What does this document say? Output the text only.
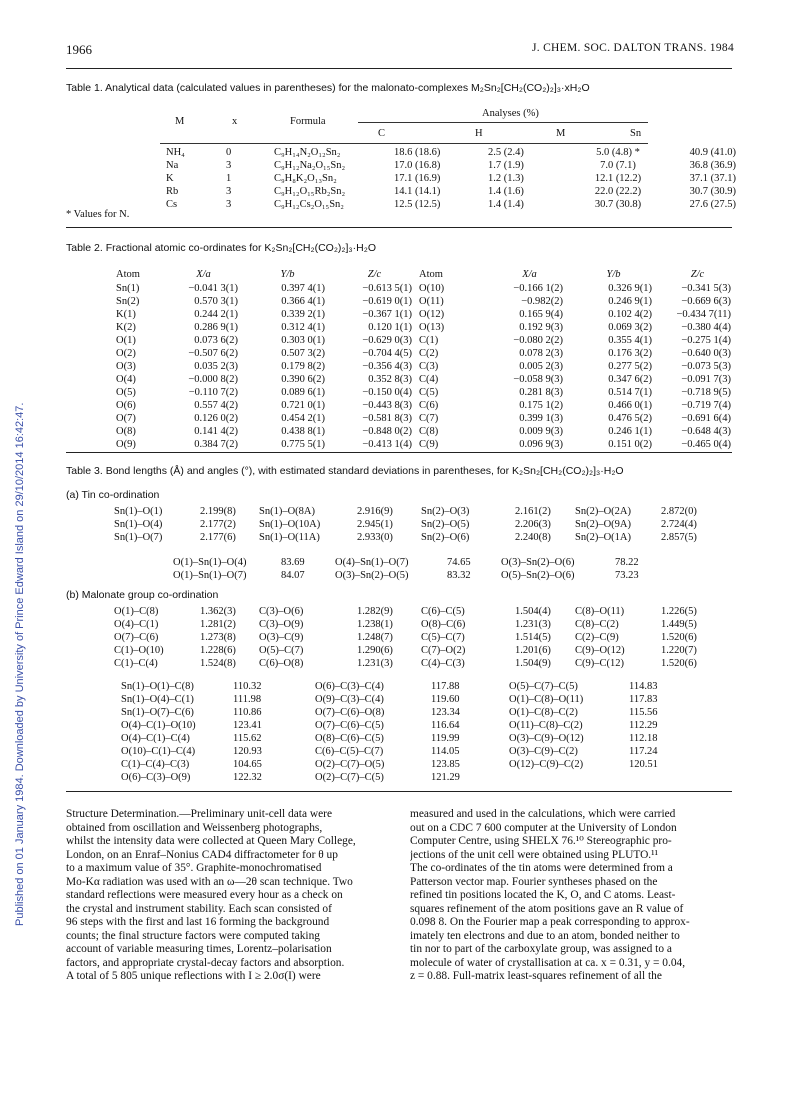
Published on 01 January 1984. Downloaded by University of Prince Edward Island on 29/10/2014 16:42:47.
1966	J. CHEM. SOC. DALTON TRANS. 1984
Table 1. Analytical data (calculated values in parentheses) for the malonato-complexes M₂Sn₂[CH₂(CO₂)₂]₃·xH₂O
M	x	Formula
Analyses (%)
C	H	M	Sn
NH₄	0	C₉H₁₄N₂O₁₂Sn₂	18.6 (18.6)	2.5 (2.4)	5.0 (4.8) *	40.9 (41.0)
Na	3	C₉H₁₂Na₂O₁₅Sn₂	17.0 (16.8)	1.7 (1.9)	7.0 (7.1)	36.8 (36.9)
K	1	C₉H₈K₂O₁₃Sn₂	17.1 (16.9)	1.2 (1.3)	12.1 (12.2)	37.1 (37.1)
Rb	3	C₉H₁₂O₁₅Rb₂Sn₂	14.1 (14.1)	1.4 (1.6)	22.0 (22.2)	30.7 (30.9)
Cs	3	C₉H₁₂Cs₂O₁₅Sn₂	12.5 (12.5)	1.4 (1.4)	30.7 (30.8)	27.6 (27.5)
* Values for N.
Table 2. Fractional atomic co-ordinates for K₂Sn₂[CH₂(CO₂)₂]₃·H₂O
Atom	X/a	Y/b	Z/c	Atom	X/a	Y/b	Z/c
Sn(1)	−0.041 3(1)	0.397 4(1)	−0.613 5(1)	O(10)	−0.166 1(2)	0.326 9(1)	−0.341 5(3)
Sn(2)	0.570 3(1)	0.366 4(1)	−0.619 0(1)	O(11)	−0.982(2)	0.246 9(1)	−0.669 6(3)
K(1)	0.244 2(1)	0.339 2(1)	−0.367 1(1)	O(12)	0.165 9(4)	0.102 4(2)	−0.434 7(11)
K(2)	0.286 9(1)	0.312 4(1)	0.120 1(1)	O(13)	0.192 9(3)	0.069 3(2)	−0.380 4(4)
O(1)	0.073 6(2)	0.303 0(1)	−0.629 0(3)	C(1)	−0.080 2(2)	0.355 4(1)	−0.275 1(4)
O(2)	−0.507 6(2)	0.507 3(2)	−0.704 4(5)	C(2)	0.078 2(3)	0.176 3(2)	−0.640 0(3)
O(3)	0.035 2(3)	0.179 8(2)	−0.356 4(3)	C(3)	0.005 2(3)	0.277 5(2)	−0.073 5(3)
O(4)	−0.000 8(2)	0.390 6(2)	0.352 8(3)	C(4)	−0.058 9(3)	0.347 6(2)	−0.091 7(3)
O(5)	−0.110 7(2)	0.089 6(1)	−0.150 0(4)	C(5)	0.281 8(3)	0.514 7(1)	−0.718 9(5)
O(6)	0.557 4(2)	0.721 0(1)	−0.443 8(3)	C(6)	0.175 1(2)	0.466 0(1)	−0.719 7(4)
O(7)	0.126 0(2)	0.454 2(1)	−0.581 8(3)	C(7)	0.399 1(3)	0.476 5(2)	−0.691 6(4)
O(8)	0.141 4(2)	0.438 8(1)	−0.848 0(2)	C(8)	0.009 9(3)	0.246 1(1)	−0.648 4(3)
O(9)	0.384 7(2)	0.775 5(1)	−0.413 1(4)	C(9)	0.096 9(3)	0.151 0(2)	−0.465 0(4)
Table 3. Bond lengths (Å) and angles (°), with estimated standard deviations in parentheses, for K₂Sn₂[CH₂(CO₂)₂]₃·H₂O
(a) Tin co-ordination
Sn(1)–O(1)	2.199(8)	Sn(1)–O(8A)	2.916(9)	Sn(2)–O(3)	2.161(2)	Sn(2)–O(2A)	2.872(0)
Sn(1)–O(4)	2.177(2)	Sn(1)–O(10A)	2.945(1)	Sn(2)–O(5)	2.206(3)	Sn(2)–O(9A)	2.724(4)
Sn(1)–O(7)	2.177(6)	Sn(1)–O(11A)	2.933(0)	Sn(2)–O(6)	2.240(8)	Sn(2)–O(1A)	2.857(5)
O(1)–Sn(1)–O(4)	83.69	O(4)–Sn(1)–O(7)	74.65	O(3)–Sn(2)–O(6)	78.22
O(1)–Sn(1)–O(7)	84.07	O(3)–Sn(2)–O(5)	83.32	O(5)–Sn(2)–O(6)	73.23
(b) Malonate group co-ordination
O(1)–C(8)	1.362(3)	C(3)–O(6)	1.282(9)	C(6)–C(5)	1.504(4)	C(8)–O(11)	1.226(5)
O(4)–C(1)	1.281(2)	C(3)–O(9)	1.238(1)	O(8)–C(6)	1.231(3)	C(8)–C(2)	1.449(5)
O(7)–C(6)	1.273(8)	O(3)–C(9)	1.248(7)	C(5)–C(7)	1.514(5)	C(2)–C(9)	1.520(6)
C(1)–O(10)	1.228(6)	O(5)–C(7)	1.290(6)	C(7)–O(2)	1.201(6)	C(9)–O(12)	1.220(7)
C(1)–C(4)	1.524(8)	C(6)–O(8)	1.231(3)	C(4)–C(3)	1.504(9)	C(9)–C(12)	1.520(6)
Sn(1)–O(1)–C(8)	110.32	O(6)–C(3)–C(4)	117.88	O(5)–C(7)–C(5)	114.83
Sn(1)–O(4)–C(1)	111.98	O(9)–C(3)–C(4)	119.60	O(1)–C(8)–O(11)	117.83
Sn(1)–O(7)–C(6)	110.86	O(7)–C(6)–O(8)	123.34	O(1)–C(8)–C(2)	115.56
O(4)–C(1)–O(10)	123.41	O(7)–C(6)–C(5)	116.64	O(11)–C(8)–C(2)	112.29
O(4)–C(1)–C(4)	115.62	O(8)–C(6)–C(5)	119.99	O(3)–C(9)–O(12)	112.18
O(10)–C(1)–C(4)	120.93	C(6)–C(5)–C(7)	114.05	O(3)–C(9)–C(2)	117.24
C(1)–C(4)–C(3)	104.65	O(2)–C(7)–O(5)	123.85	O(12)–C(9)–C(2)	120.51
O(6)–C(3)–O(9)	122.32	O(2)–C(7)–C(5)	121.29		
Structure Determination.—Preliminary unit-cell data were
obtained from oscillation and Weissenberg photographs,
whilst the intensity data were collected at Queen Mary College,
London, on an Enraf–Nonius CAD4 diffractometer for θ up
to a maximum value of 35°. Graphite-monochromatised
Mo-Kα radiation was used with an ω—2θ scan technique. Two
standard reflections were measured every hour as a check on
the crystal and instrument stability. Each scan consisted of
96 steps with the first and last 16 forming the background
counts; the final structure factors were computed taking
account of variable measuring times, Lorentz–polarisation
factors, and appropriate crystal-decay factors and absorption.
A total of 5 805 unique reflections with I ≥ 2.0σ(I) were
measured and used in the calculations, which were carried
out on a CDC 7 600 computer at the University of London
Computer Centre, using SHELX 76.¹⁰ Stereographic pro-
jections of the unit cell were obtained using PLUTO.¹¹
The co-ordinates of the tin atoms were determined from a
Patterson vector map. Fourier syntheses phased on the
refined tin positions located the K, O, and C atoms. Least-
squares refinement of the atom positions gave an R value of
0.098 8. On the Fourier map a peak corresponding to approx-
imately ten electrons and due to an atom, bonded neither to
tin nor to part of the carboxylate group, was assigned to a
molecule of water of crystallisation at ca. x = 0.31, y = 0.04,
z = 0.88. Full-matrix least-squares refinement of all the
